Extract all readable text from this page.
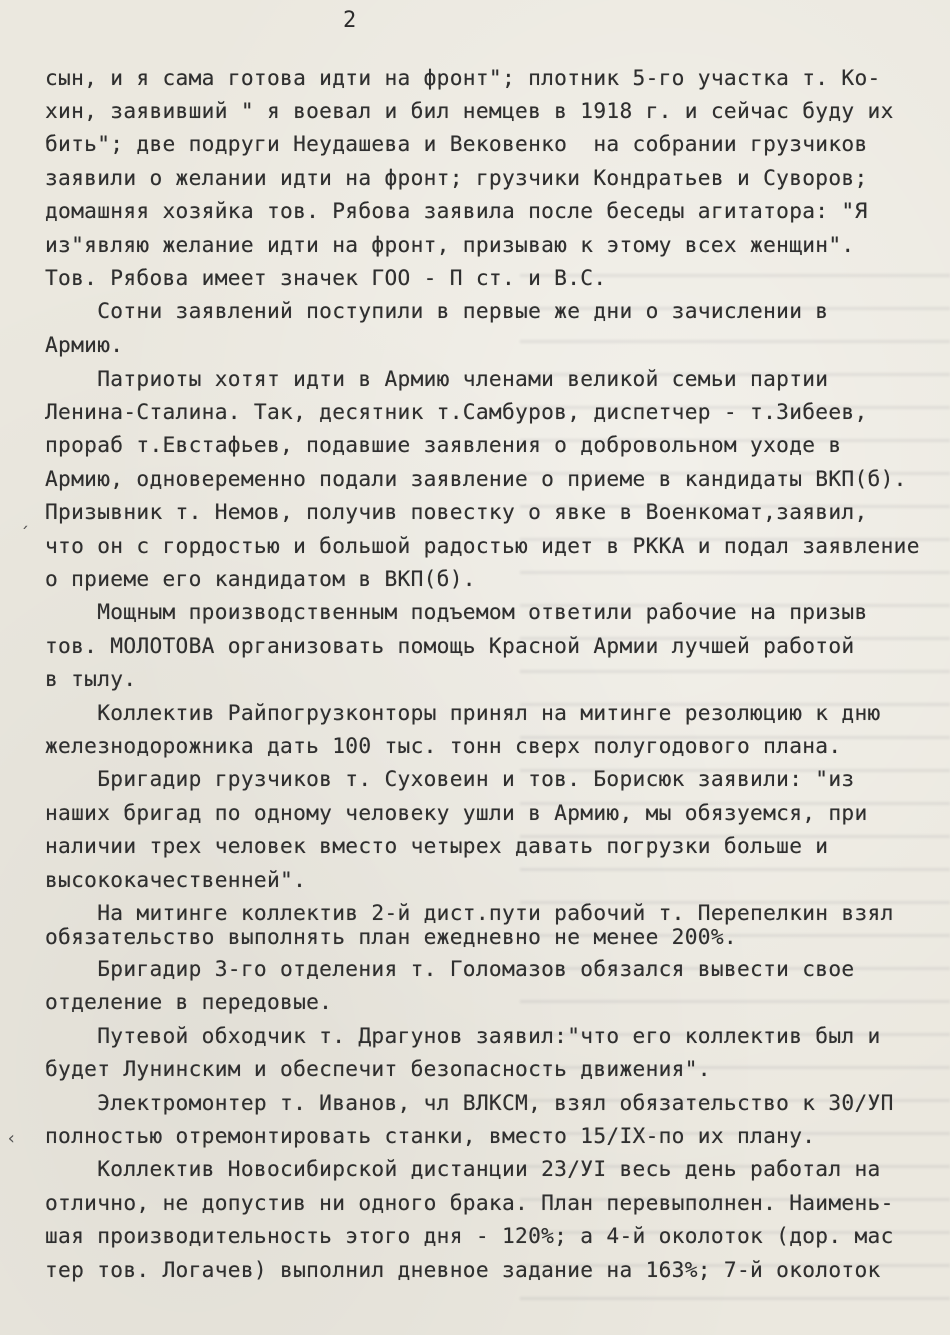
2
ˏ
‹
сын, и я сама готова идти на фронт"; плотник 5-го участка т. Ко-
хин, заявивший " я воевал и бил немцев в 1918 г. и сейчас буду их
бить"; две подруги Неудашева и Вековенко  на собрании грузчиков
заявили о желании идти на фронт; грузчики Кондратьев и Суворов;
домашняя хозяйка тов. Рябова заявила после беседы агитатора: "Я
из"являю желание идти на фронт, призываю к этому всех женщин".
Тов. Рябова имеет значек ГОО - П ст. и В.С.
Сотни заявлений поступили в первые же дни о зачислении в
Армию.
Патриоты хотят идти в Армию членами великой семьи партии
Ленина-Сталина. Так, десятник т.Самбуров, диспетчер - т.Зибеев,
прораб т.Евстафьев, подавшие заявления о добровольном уходе в
Армию, одновеременно подали заявление о приеме в кандидаты ВКП(б).
Призывник т. Немов, получив повестку о явке в Военкомат,заявил,
что он с гордостью и большой радостью идет в РККА и подал заявление
о приеме его кандидатом в ВКП(б).
Мощным производственным подъемом ответили рабочие на призыв
тов. МОЛОТОВА организовать помощь Красной Армии лучшей работой
в тылу.
Коллектив Райпогрузконторы принял на митинге резолюцию к дню
железнодорожника дать 100 тыс. тонн сверх полугодового плана.
Бригадир грузчиков т. Суховеин и тов. Борисюк заявили: "из
наших бригад по одному человеку ушли в Армию, мы обязуемся, при
наличии трех человек вместо четырех давать погрузки больше и
высококачественней".
На митинге коллектив 2-й дист.пути рабочий т. Перепелкин взял
обязательство выполнять план ежедневно не менее 200%.
Бригадир 3-го отделения т. Голомазов обязался вывести свое
отделение в передовые.
Путевой обходчик т. Драгунов заявил:"что его коллектив был и
будет Лунинским и обеспечит безопасность движения".
Электромонтер т. Иванов, чл ВЛКСМ, взял обязательство к 30/УП
полностью отремонтировать станки, вместо 15/IX-по их плану.
Коллектив Новосибирской дистанции 23/УI весь день работал на
отлично, не допустив ни одного брака. План перевыполнен. Наимень-
шая производительность этого дня - 120%; а 4-й околоток (дор. мас
тер тов. Логачев) выполнил дневное задание на 163%; 7-й околоток
